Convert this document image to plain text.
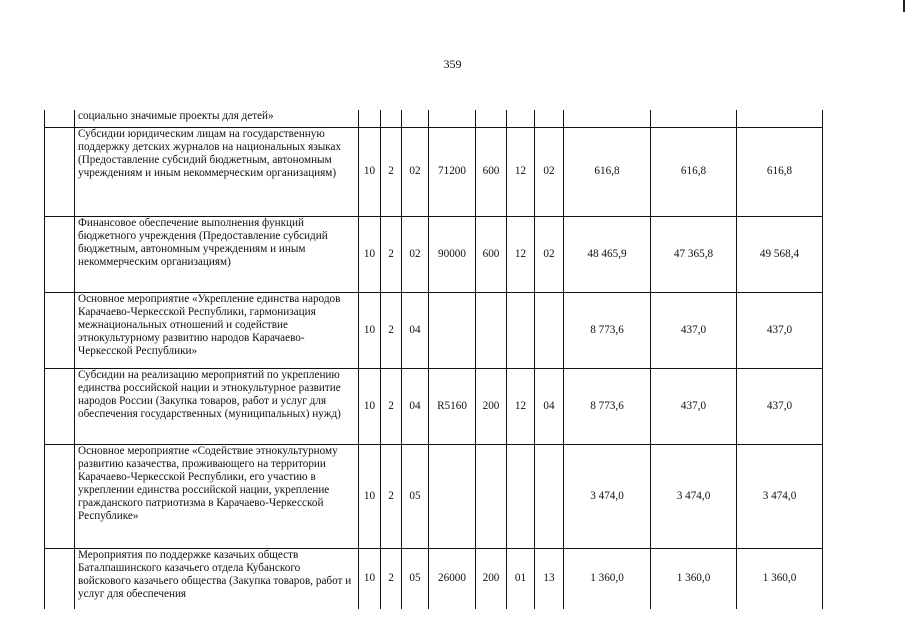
359
	социально значимые проекты для детей»										
	Субсидии юридическим лицам на государственную поддержку детских журналов на национальных языках (Предоставление субсидий бюджетным, автономным учреждениям и иным некоммерческим организациям)	10	2	02	71200	600	12	02	616,8	616,8	616,8
	Финансовое обеспечение выполнения функций бюджетного учреждения (Предоставление субсидий бюджетным, автономным учреждениям и иным некоммерческим организациям)	10	2	02	90000	600	12	02	48 465,9	47 365,8	49 568,4
	Основное мероприятие «Укрепление единства народов Карачаево-Черкесской Республики, гармонизация межнациональных отношений и содействие этнокультурному развитию народов Карачаево-Черкесской Республики»	10	2	04					8 773,6	437,0	437,0
	Субсидии на реализацию мероприятий по укреплению единства российской нации и этнокультурное развитие народов России (Закупка товаров, работ и услуг для обеспечения государственных (муниципальных) нужд)	10	2	04	R5160	200	12	04	8 773,6	437,0	437,0
	Основное мероприятие «Содействие этнокультурному развитию казачества, проживающего на территории Карачаево-Черкесской Республики, его участию в укреплении единства российской нации, укрепление гражданского патриотизма в Карачаево-Черкесской Республике»	10	2	05					3 474,0	3 474,0	3 474,0
	Мероприятия по поддержке казачьих обществ Баталпашинского казачьего отдела Кубанского войскового казачьего общества (Закупка товаров, работ и услуг для обеспечения	10	2	05	26000	200	01	13	1 360,0	1 360,0	1 360,0
